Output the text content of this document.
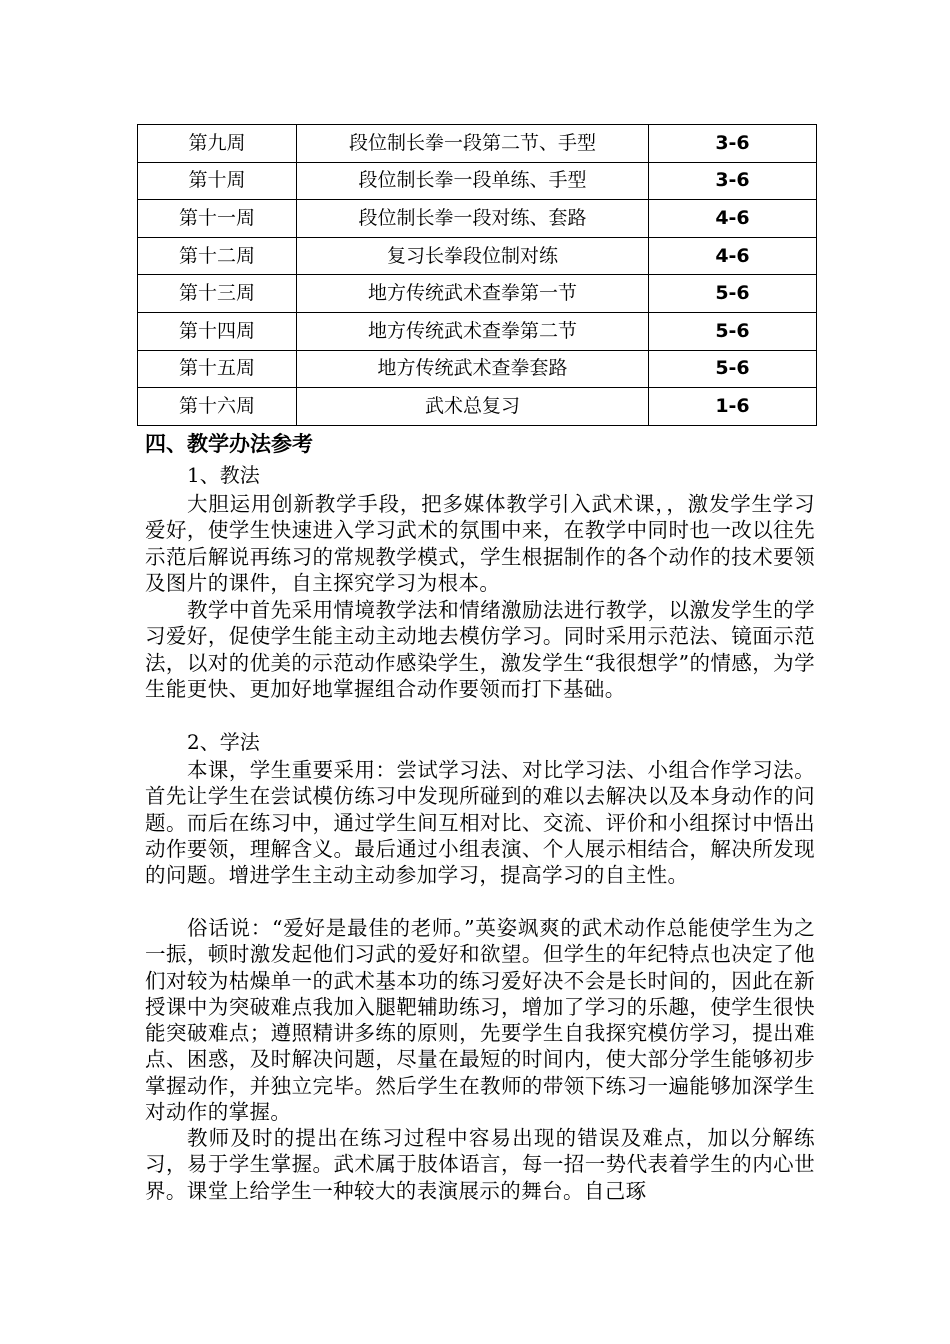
第九周	段位制长拳一段第二节、手型	3-6
第十周	段位制长拳一段单练、手型	3-6
第十一周	段位制长拳一段对练、套路	4-6
第十二周	复习长拳段位制对练	4-6
第十三周	地方传统武术查拳第一节	5-6
第十四周	地方传统武术查拳第二节	5-6
第十五周	地方传统武术查拳套路	5-6
第十六周	武术总复习	1-6
四、教学办法参考
1、教法
大胆运用创新教学手段，把多媒体教学引入武术课，，激发学生学习爱好，使学生快速进入学习武术的氛围中来，在教学中同时也一改以往先示范后解说再练习的常规教学模式，学生根据制作的各个动作的技术要领及图片的课件，自主探究学习为根本。
教学中首先采用情境教学法和情绪激励法进行教学，以激发学生的学习爱好，促使学生能主动主动地去模仿学习。同时采用示范法、镜面示范法，以对的优美的示范动作感染学生，激发学生“我很想学”的情感，为学生能更快、更加好地掌握组合动作要领而打下基础。
2、学法
本课，学生重要采用：尝试学习法、对比学习法、小组合作学习法。首先让学生在尝试模仿练习中发现所碰到的难以去解决以及本身动作的问题。而后在练习中，通过学生间互相对比、交流、评价和小组探讨中悟出动作要领，理解含义。最后通过小组表演、个人展示相结合，解决所发现的问题。增进学生主动主动参加学习，提高学习的自主性。
俗话说：“爱好是最佳的老师。”英姿飒爽的武术动作总能使学生为之一振，顿时激发起他们习武的爱好和欲望。但学生的年纪特点也决定了他们对较为枯燥单一的武术基本功的练习爱好决不会是长时间的，因此在新授课中为突破难点我加入腿靶辅助练习，增加了学习的乐趣，使学生很快能突破难点；遵照精讲多练的原则，先要学生自我探究模仿学习，提出难点、困惑，及时解决问题，尽量在最短的时间内，使大部分学生能够初步掌握动作，并独立完毕。然后学生在教师的带领下练习一遍能够加深学生对动作的掌握。
教师及时的提出在练习过程中容易出现的错误及难点，加以分解练习，易于学生掌握。武术属于肢体语言，每一招一势代表着学生的内心世界。课堂上给学生一种较大的表演展示的舞台。自己琢
